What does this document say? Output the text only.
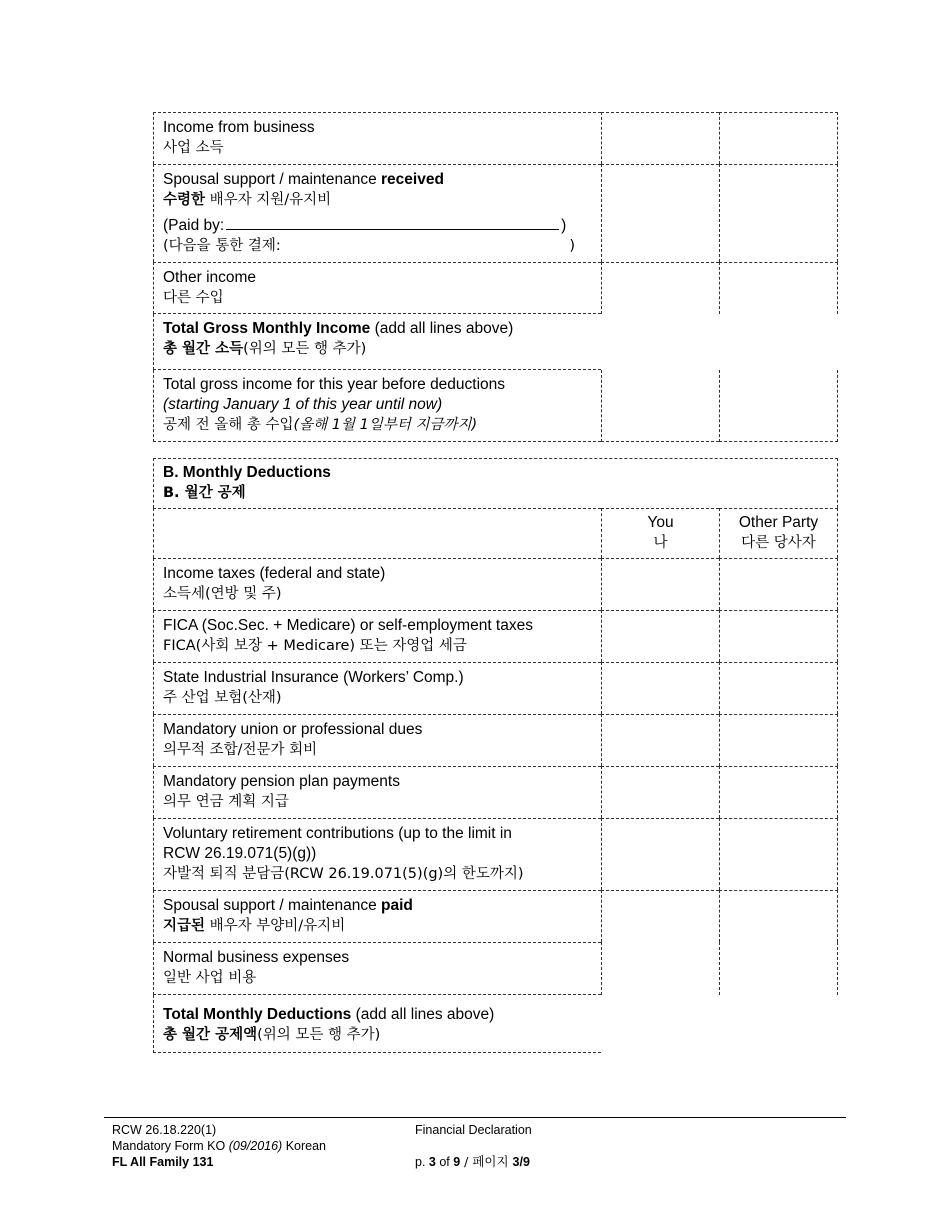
Income from business
사업 소득
Spousal support / maintenance received
수령한 배우자 지원/유지비
(Paid by:	)
(다음을 통한 결제:	)
Other income
다른 수입
Total Gross Monthly Income (add all lines above)
총 월간 소득(위의 모든 행 추가)
Total gross income for this year before deductions
(starting January 1 of this year until now)
공제 전 올해 총 수입(올해 1월 1일부터 지금까지)
B. Monthly Deductions
B. 월간 공제
You
나
Other Party
다른 당사자
Income taxes (federal and state)
소득세(연방 및 주)
FICA (Soc.Sec. + Medicare) or self-employment taxes
FICA(사회 보장 + Medicare) 또는 자영업 세금
State Industrial Insurance (Workers’ Comp.)
주 산업 보험(산재)
Mandatory union or professional dues
의무적 조합/전문가 회비
Mandatory pension plan payments
의무 연금 계획 지급
Voluntary retirement contributions (up to the limit in
RCW 26.19.071(5)(g))
자발적 퇴직 분담금(RCW 26.19.071(5)(g)의 한도까지)
Spousal support / maintenance paid
지급된 배우자 부양비/유지비
Normal business expenses
일반 사업 비용
Total Monthly Deductions (add all lines above)
총 월간 공제액(위의 모든 행 추가)
RCW 26.18.220(1)
Mandatory Form KO (09/2016) Korean
FL All Family 131
Financial Declaration
p. 3 of 9 / 페이지 3/9
